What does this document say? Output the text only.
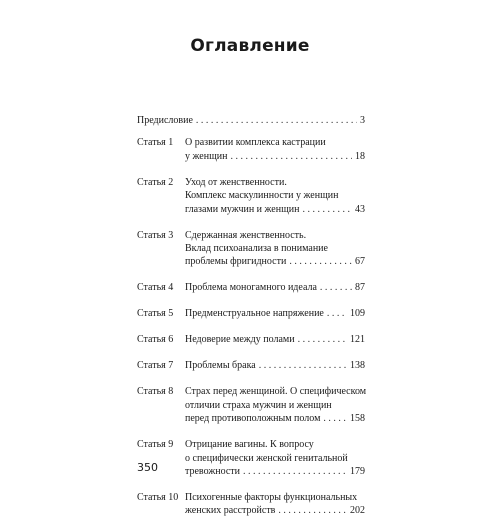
Оглавление
Предисловие . . .	3
Статья 1	О развитии комплекса кастрации
у женщин . . .	18
Статья 2	Уход от женственности.
Комплекс маскулинности у женщин
глазами мужчин и женщин . . .	43
Статья 3	Сдержанная женственность.
Вклад психоанализа в понимание
проблемы фригидности . . .	67
Статья 4	Проблема моногамного идеала . . .	87
Статья 5	Предменструальное напряжение . . .	109
Статья 6	Недоверие между полами . . .	121
Статья 7	Проблемы брака . . .	138
Статья 8	Страх перед женщиной. О специфическом
отличии страха мужчин и женщин
перед противоположным полом . . .	158
Статья 9	Отрицание вагины. К вопросу
о специфически женской генитальной
тревожности . . .	179
Статья 10 Психогенные факторы функциональных
женских расстройств . . .	202
350
